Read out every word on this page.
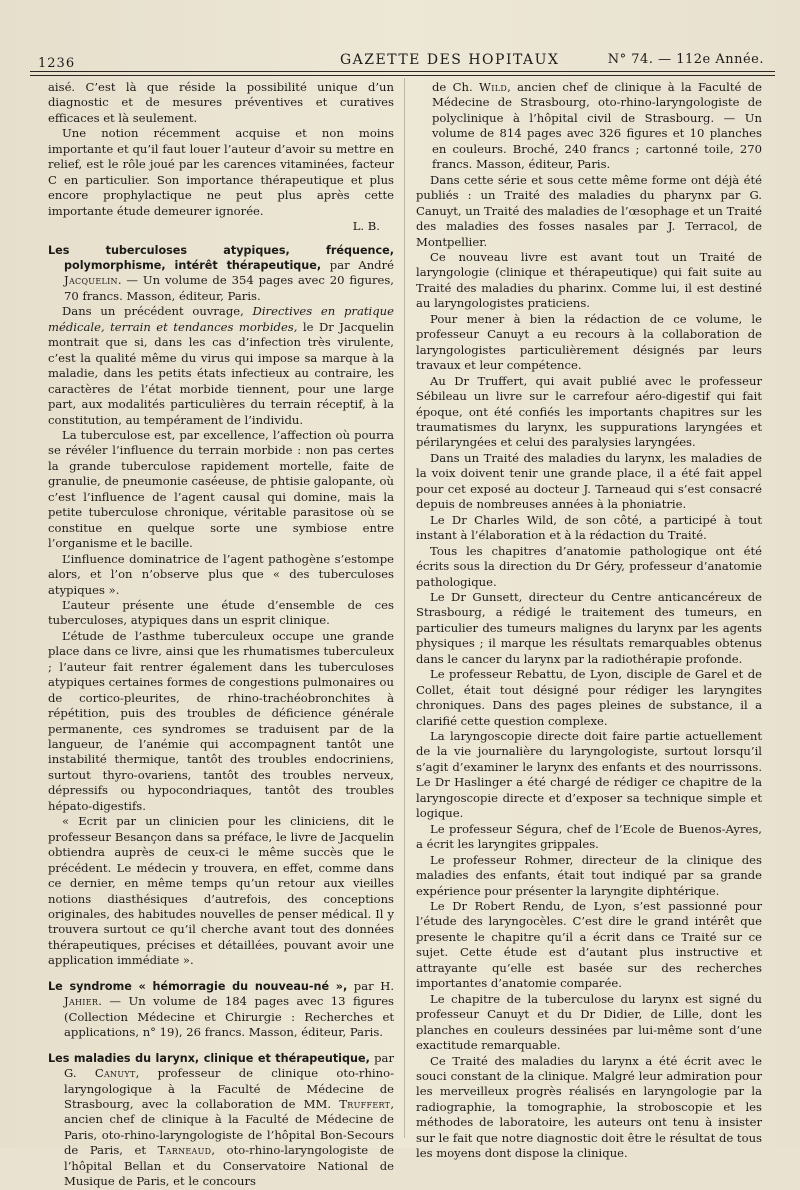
1236	GAZETTE DES HOPITAUX	N° 74. — 112e Année.

aisé. C’est là que réside la possibilité unique d’un diagnostic et de mesures préventives et curatives efficaces et là seulement.

Une notion récemment acquise et non moins importante et qu’il faut louer l’auteur d’avoir su mettre en relief, est le rôle joué par les carences vitaminées, facteur C en particulier. Son importance thérapeutique et plus encore prophylactique ne peut plus après cette importante étude demeurer ignorée.

L. B.

Les tuberculoses atypiques, fréquence, polymorphisme, intérêt thérapeutique, par André Jacquelin. — Un volume de 354 pages avec 20 figures, 70 francs. Masson, éditeur, Paris.

Dans un précédent ouvrage, Directives en pratique médicale, terrain et tendances morbides, le Dr Jacquelin montrait que si, dans les cas d’infection très virulente, c’est la qualité même du virus qui impose sa marque à la maladie, dans les petits états infectieux au contraire, les caractères de l’état morbide tiennent, pour une large part, aux modalités particulières du terrain réceptif, à la constitution, au tempérament de l’individu.

La tuberculose est, par excellence, l’affection où pourra se révéler l’influence du terrain morbide : non pas certes la grande tuberculose rapidement mortelle, faite de granulie, de pneumonie caséeuse, de phtisie galopante, où c’est l’influence de l’agent causal qui domine, mais la petite tuberculose chronique, véritable parasitose où se constitue en quelque sorte une symbiose entre l’organisme et le bacille.

L’influence dominatrice de l’agent pathogène s’estompe alors, et l’on n’observe plus que « des tuberculoses atypiques ».

L’auteur présente une étude d’ensemble de ces tuberculoses, atypiques dans un esprit clinique.

L’étude de l’asthme tuberculeux occupe une grande place dans ce livre, ainsi que les rhumatismes tuberculeux ; l’auteur fait rentrer également dans les tuberculoses atypiques certaines formes de congestions pulmonaires ou de cortico-pleurites, de rhino-trachéobronchites à répétition, puis des troubles de déficience générale permanente, ces syndromes se traduisent par de la langueur, de l’anémie qui accompagnent tantôt une instabilité thermique, tantôt des troubles endocriniens, surtout thyro-ovariens, tantôt des troubles nerveux, dépressifs ou hypocondriaques, tantôt des troubles hépato-digestifs.

« Ecrit par un clinicien pour les cliniciens, dit le professeur Besançon dans sa préface, le livre de Jacquelin obtiendra auprès de ceux-ci le même succès que le précédent. Le médecin y trouvera, en effet, comme dans ce dernier, en même temps qu’un retour aux vieilles notions diasthésiques d’autrefois, des conceptions originales, des habitudes nouvelles de penser médical. Il y trouvera surtout ce qu’il cherche avant tout des données thérapeutiques, précises et détaillées, pouvant avoir une application immédiate ».

Le syndrome « hémorragie du nouveau-né », par H. Jahier. — Un volume de 184 pages avec 13 figures (Collection Médecine et Chirurgie : Recherches et applications, n° 19), 26 francs. Masson, éditeur, Paris.

Les maladies du larynx, clinique et thérapeutique, par G. Canuyt, professeur de clinique oto-rhino-laryngologique à la Faculté de Médecine de Strasbourg, avec la collaboration de MM. Truffert, ancien chef de clinique à la Faculté de Médecine de Paris, oto-rhino-laryngologiste de l’hôpital Bon-Secours de Paris, et Tarneaud, oto-rhino-laryngologiste de l’hôpital Bellan et du Conservatoire National de Musique de Paris, et le concours

de Ch. Wild, ancien chef de clinique à la Faculté de Médecine de Strasbourg, oto-rhino-laryngologiste de polyclinique à l’hôpital civil de Strasbourg. — Un volume de 814 pages avec 326 figures et 10 planches en couleurs. Broché, 240 francs ; cartonné toile, 270 francs. Masson, éditeur, Paris.

Dans cette série et sous cette même forme ont déjà été publiés : un Traité des maladies du pharynx par G. Canuyt, un Traité des maladies de l’œsophage et un Traité des maladies des fosses nasales par J. Terracol, de Montpellier.

Ce nouveau livre est avant tout un Traité de laryngologie (clinique et thérapeutique) qui fait suite au Traité des maladies du pharinx. Comme lui, il est destiné au laryngologistes praticiens.

Pour mener à bien la rédaction de ce volume, le professeur Canuyt a eu recours à la collaboration de laryngologistes particulièrement désignés par leurs travaux et leur compétence.

Au Dr Truffert, qui avait publié avec le professeur Sébileau un livre sur le carrefour aéro-digestif qui fait époque, ont été confiés les importants chapitres sur les traumatismes du larynx, les suppurations laryngées et périlaryngées et celui des paralysies laryngées.

Dans un Traité des maladies du larynx, les maladies de la voix doivent tenir une grande place, il a été fait appel pour cet exposé au docteur J. Tarneaud qui s’est consacré depuis de nombreuses années à la phoniatrie.

Le Dr Charles Wild, de son côté, a participé à tout instant à l’élaboration et à la rédaction du Traité.

Tous les chapitres d’anatomie pathologique ont été écrits sous la direction du Dr Géry, professeur d’anatomie pathologique.

Le Dr Gunsett, directeur du Centre anticancéreux de Strasbourg, a rédigé le traitement des tumeurs, en particulier des tumeurs malignes du larynx par les agents physiques ; il marque les résultats remarquables obtenus dans le cancer du larynx par la radiothérapie profonde.

Le professeur Rebattu, de Lyon, disciple de Garel et de Collet, était tout désigné pour rédiger les laryngites chroniques. Dans des pages pleines de substance, il a clarifié cette question complexe.

La laryngoscopie directe doit faire partie actuellement de la vie journalière du laryngologiste, surtout lorsqu’il s’agit d’examiner le larynx des enfants et des nourrissons. Le Dr Haslinger a été chargé de rédiger ce chapitre de la laryngoscopie directe et d’exposer sa technique simple et logique.

Le professeur Ségura, chef de l’Ecole de Buenos-Ayres, a écrit les laryngites grippales.

Le professeur Rohmer, directeur de la clinique des maladies des enfants, était tout indiqué par sa grande expérience pour présenter la laryngite diphtérique.

Le Dr Robert Rendu, de Lyon, s’est passionné pour l’étude des laryngocèles. C’est dire le grand intérêt que presente le chapitre qu’il a écrit dans ce Traité sur ce sujet. Cette étude est d’autant plus instructive et attrayante qu’elle est basée sur des recherches importantes d’anatomie comparée.

Le chapitre de la tuberculose du larynx est signé du professeur Canuyt et du Dr Didier, de Lille, dont les planches en couleurs dessinées par lui-même sont d’une exactitude remarquable.

Ce Traité des maladies du larynx a été écrit avec le souci constant de la clinique. Malgré leur admiration pour les merveilleux progrès réalisés en laryngologie par la radiographie, la tomographie, la stroboscopie et les méthodes de laboratoire, les auteurs ont tenu à insister sur le fait que notre diagnostic doit être le résultat de tous les moyens dont dispose la clinique.
